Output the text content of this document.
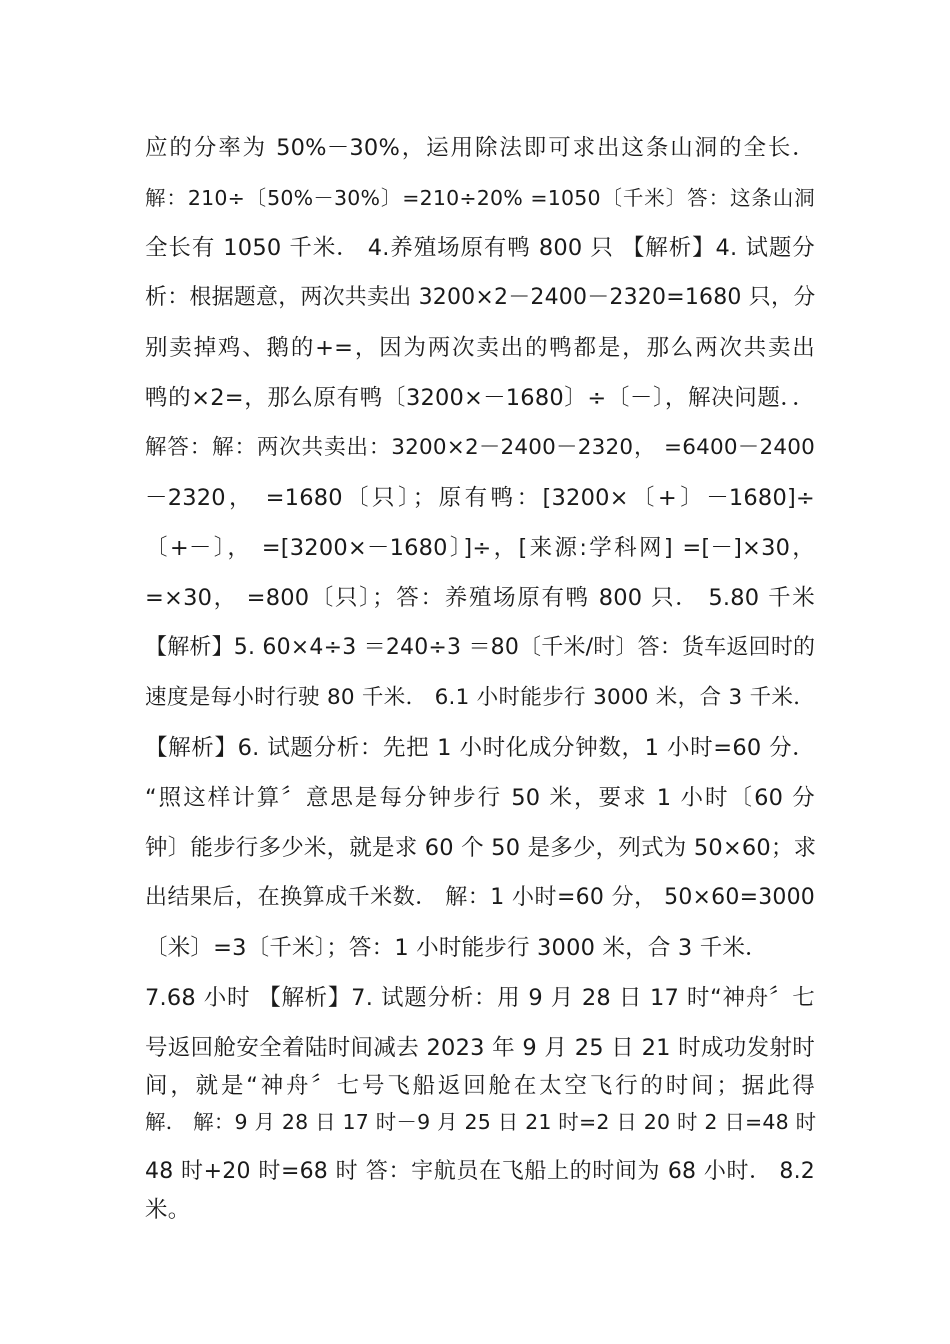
应的分率为 50%－30%，运用除法即可求出这条山洞的全长．
解：210÷〔50%－30%〕=210÷20% =1050〔千米〕答：这条山洞
全长有 1050 千米． 4.养殖场原有鸭 800 只 【解析】4. 试题分
析：根据题意，两次共卖出 3200×2－2400－2320=1680 只，分
别卖掉鸡、鹅的+=，因为两次卖出的鸭都是，那么两次共卖出
鸭的×2=，那么原有鸭〔3200×－1680〕÷〔－〕，解决问题．．
解答：解：两次共卖出：3200×2－2400－2320， =6400－2400
－2320， =1680〔只〕；原有鸭：[3200×〔+〕－1680]÷
〔+－〕， =[3200×－1680〕]÷，[来源:学科网] =[－]×30，
=×30， =800〔只〕；答：养殖场原有鸭 800 只． 5.80 千米
【解析】5. 60×4÷3 ＝240÷3 ＝80〔千米/时〕答：货车返回时的
速度是每小时行驶 80 千米． 6.1 小时能步行 3000 米，合 3 千米．
【解析】6. 试题分析：先把 1 小时化成分钟数，1 小时=60 分．
“照这样计算〞意思是每分钟步行 50 米，要求 1 小时〔60 分
钟〕能步行多少米，就是求 60 个 50 是多少，列式为 50×60；求
出结果后，在换算成千米数． 解：1 小时=60 分， 50×60=3000
〔米〕=3〔千米〕；答：1 小时能步行 3000 米，合 3 千米．
7.68 小时 【解析】7. 试题分析：用 9 月 28 日 17 时“神舟〞七
号返回舱安全着陆时间减去 2023 年 9 月 25 日 21 时成功发射时
间，就是“神舟〞七号飞船返回舱在太空飞行的时间；据此得
解． 解：9 月 28 日 17 时－9 月 25 日 21 时=2 日 20 时 2 日=48 时
48 时+20 时=68 时 答：宇航员在飞船上的时间为 68 小时． 8.2
米。
